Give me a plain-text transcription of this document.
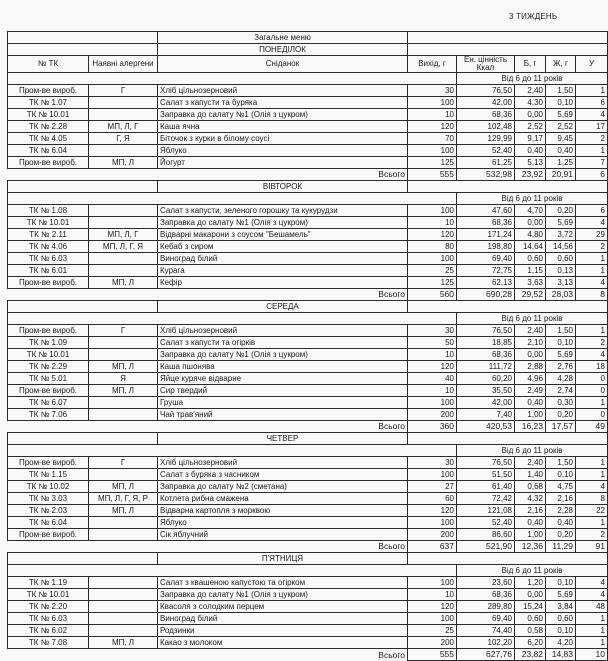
3 ТИЖДЕНЬ
		Загальне меню					
		ПОНЕДІЛОК					
№ ТК	Наявні алергени	Сніданок	Вихід, г	Ен. цінність Ккал	Б, г	Ж, г	У
				Від 6 до 11 років			
Пром-ве вироб.	Г	Хліб цільнозерновий	30	76,50	2,40	1,50	1
ТК № 1.07		Салат з капусти та буряка	100	42,00	4,30	0,10	6
ТК № 10.01		Заправка до салату №1 (Олія з цукром)	10	68,36	0,00	5,69	4
ТК № 2.28	МП, Л, Г	Каша ячна	120	102,48	2,52	2,52	17
ТК № 4.05	Г, Я	Біточок з курки в білому соусі	70	129,99	9,17	9,45	2
ТК № 6.04		Яблуко	100	52,40	0,40	0,40	1
Пром-ве вироб.	МП, Л	Йогурт	125	61,25	5,13	1,25	7
Всього			555	532,98	23,92	20,91	6
		ВІВТОРОК					
				Від 6 до 11 років			
ТК № 1.08		Салат з капусти, зеленого горошку та кукурудзи	100	47,60	4,70	0,20	6
ТК № 10.01		Заправка до салату №1 (Олія з цукром)	10	68,36	0,00	5,69	4
ТК № 2.11	МП, Л, Г	Відварні макарони з соусом "Бешамель"	120	171,24	4,80	3,72	29
ТК № 4.06	МП, Л, Г, Я	Кебаб з сиром	80	198,80	14,64	14,56	2
ТК № 6.03		Виноград білий	100	69,40	0,60	0,60	1
ТК № 6.01		Курага	25	72,75	1,15	0,13	1
Пром-ве вироб.	МП, Л	Кефір	125	62,13	3,63	3,13	4
Всього			560	690,28	29,52	28,03	8
		СЕРЕДА					
				Від 6 до 11 років			
Пром-ве вироб.	Г	Хліб цільнозерновий	30	76,50	2,40	1,50	1
ТК № 1.09		Салат з капусти та огірків	50	18,85	2,10	0,10	2
ТК № 10.01		Заправка до салату №1 (Олія з цукром)	10	68,36	0,00	5,69	4
ТК № 2.29	МП, Л	Каша пшонява	120	111,72	2,88	2,76	18
ТК № 5.01	Я	Яйце куряче відварне	40	60,20	4,96	4,28	0
Пром-ве вироб.	МП, Л	Сир твердий	10	35,50	2,49	2,74	0
ТК № 6.07		Груша	100	42,00	0,40	0,30	1
ТК № 7.06		Чай трав'яний	200	7,40	1,00	0,20	0
Всього			360	420,53	16,23	17,57	49
		ЧЕТВЕР					
				Від 6 до 11 років			
Пром-ве вироб.	Г	Хліб цільнозерновий	30	76,50	2,40	1,50	1
ТК № 1.15		Салат з буряка з часником	100	51,50	1,40	0,10	1
ТК № 10.02	МП, Л	Заправка до салату №2 (сметана)	27	61,40	0,68	4,75	4
ТК № 3.03	МП, Л, Г, Я, Р	Котлета рибна смажена	60	72,42	4,32	2,16	8
ТК № 2.03	МП, Л	Відварна картопля з морквою	120	121,08	2,16	2,28	22
ТК № 6.04		Яблуко	100	52,40	0,40	0,40	1
Пром-ве вироб.		Сік яблучний	200	86,60	1,00	0,20	2
Всього			637	521,90	12,36	11,29	91
		П'ЯТНИЦЯ					
				Від 6 до 11 років			
ТК № 1.19		Салат з квашеною капустою та огірком	100	23,60	1,20	0,10	4
ТК № 10.01		Заправка до салату №1 (Олія з цукром)	10	68,36	0,00	5,69	4
ТК № 2.20		Квасоля з солодким перцем	120	289,80	15,24	3,84	48
ТК № 6.03		Виноград білий	100	69,40	0,60	0,60	1
ТК № 6.02		Родзинки	25	74,40	0,58	0,10	1
ТК № 7.08	МП, Л	Какао з молоком	200	102,20	6,20	4,20	1
Всього			555	627,76	23,82	14,83	10
